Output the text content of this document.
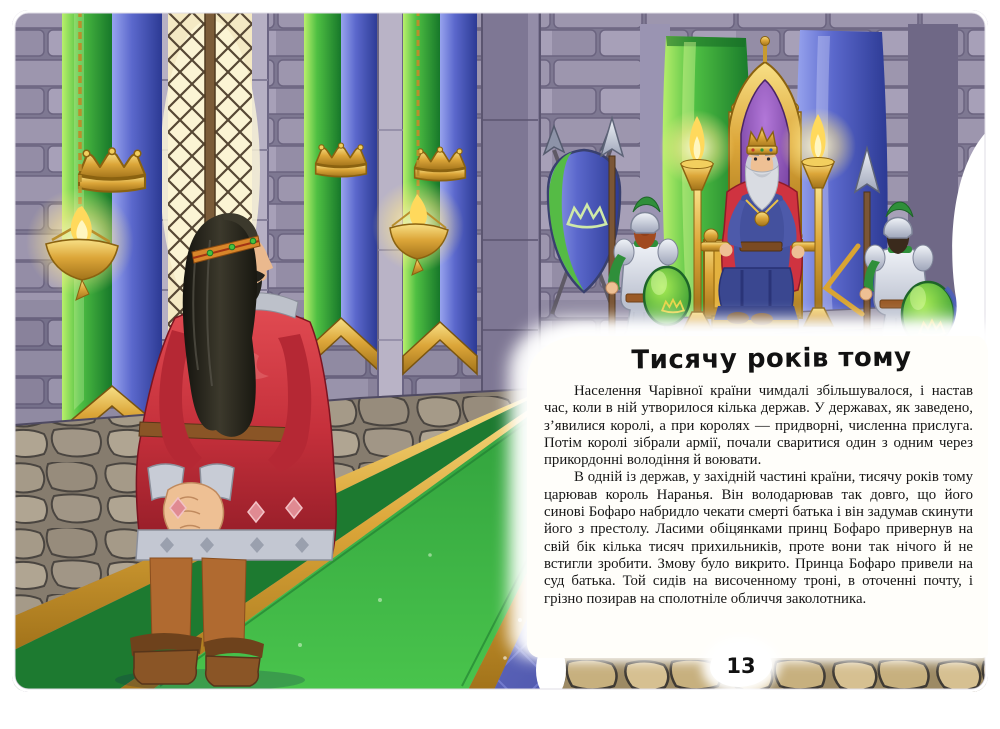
Тисячу років тому

Населення Чарівної країни чимдалі збільшувалося, і настав час, коли в ній утворилося кілька держав. У державах, як заведено, з’явилися королі, а при королях — придворні, численна прислуга. Потім королі зібрали армії, почали сваритися один з одним через прикордонні володіння й воювати.

В одній із держав, у західній частині країни, тисячу років тому царював король Наранья. Він володарював так довго, що його синові Бофаро набридло чекати смерті батька і він задумав скинути його з престолу. Ласими обіцянками принц Бофаро привернув на свій бік кілька тисяч прихильників, проте вони так нічого й не встигли зробити. Змову було викрито. Принца Бофаро привели на суд батька. Той сидів на височенному троні, в оточенні почту, і грізно позирав на сполотніле обличчя заколотника.

13
